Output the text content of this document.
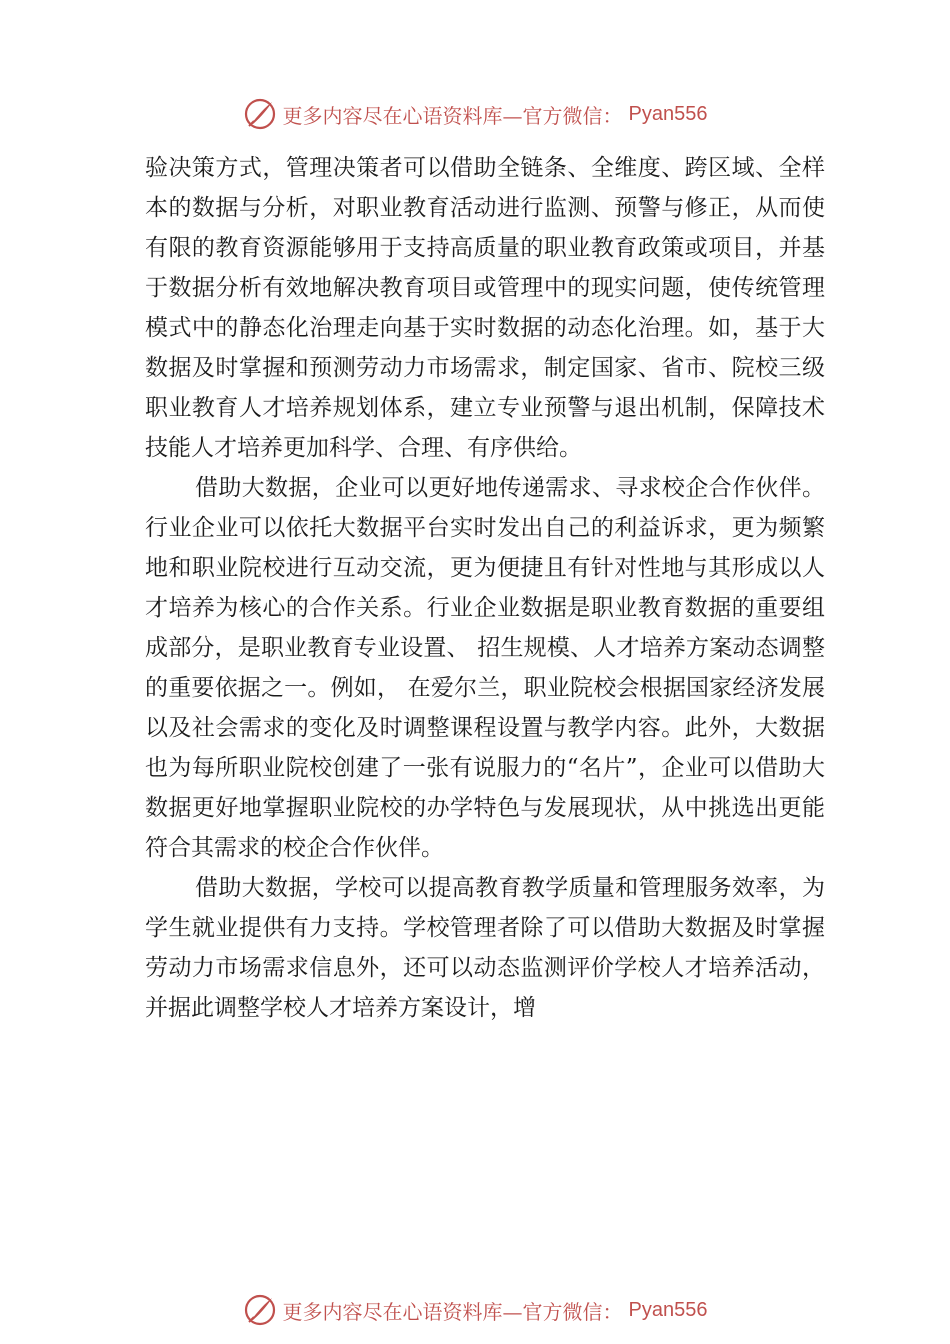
更多内容尽在心语资料库—官方微信： Pyan556

验决策方式，管理决策者可以借助全链条、全维度、跨区域、全样本的数据与分析，对职业教育活动进行监测、预警与修正，从而使有限的教育资源能够用于支持高质量的职业教育政策或项目，并基于数据分析有效地解决教育项目或管理中的现实问题，使传统管理模式中的静态化治理走向基于实时数据的动态化治理。如，基于大数据及时掌握和预测劳动力市场需求，制定国家、省市、院校三级职业教育人才培养规划体系，建立专业预警与退出机制，保障技术技能人才培养更加科学、合理、有序供给。

借助大数据，企业可以更好地传递需求、寻求校企合作伙伴。行业企业可以依托大数据平台实时发出自己的利益诉求，更为频繁地和职业院校进行互动交流，更为便捷且有针对性地与其形成以人才培养为核心的合作关系。行业企业数据是职业教育数据的重要组成部分，是职业教育专业设置、 招生规模、人才培养方案动态调整的重要依据之一。例如， 在爱尔兰，职业院校会根据国家经济发展以及社会需求的变化及时调整课程设置与教学内容。此外，大数据也为每所职业院校创建了一张有说服力的“名片”，企业可以借助大数据更好地掌握职业院校的办学特色与发展现状，从中挑选出更能符合其需求的校企合作伙伴。

借助大数据，学校可以提高教育教学质量和管理服务效率，为学生就业提供有力支持。学校管理者除了可以借助大数据及时掌握劳动力市场需求信息外，还可以动态监测评价学校人才培养活动，并据此调整学校人才培养方案设计，增

更多内容尽在心语资料库—官方微信： Pyan556
